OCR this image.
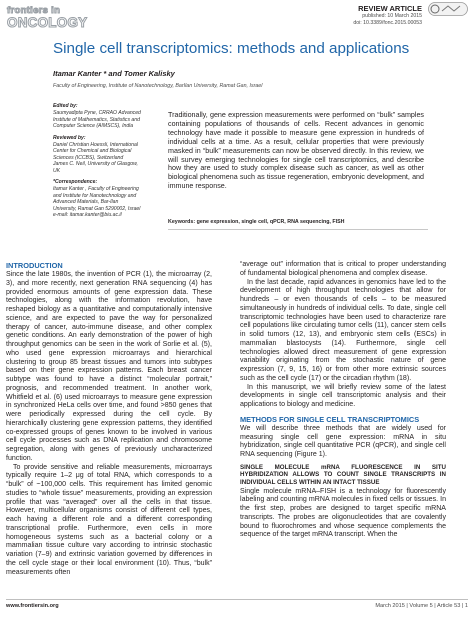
frontiers in
ONCOLOGY
REVIEW ARTICLE
published: 10 March 2015
doi: 10.3389/fonc.2015.00053
Single cell transcriptomics: methods and applications
Itamar Kanter * and Tomer Kalisky
Faculty of Engineering, Institute of Nanotechnology, BarIlan University, Ramat Gan, Israel
Edited by:
Saumyadipta Pyne, CRRAO Advanced Institute of Mathematics, Statistics and Computer Science (AIMSCS), India
Reviewed by:
Daniel Christian Hoessli, International Center for Chemical and Biological Sciences (ICCBS), Switzerland
James C. Neil, University of Glasgow, UK
*Correspondence:
Itamar Kanter , Faculty of Engineering and Institute for Nanotechnology and Advanced Materials, Bar-Ilan University, Ramat Gan 5290002, Israel
e-mail: itamar.kanter@biu.ac.il
Traditionally, gene expression measurements were performed on “bulk” samples containing populations of thousands of cells. Recent advances in genomic technology have made it possible to measure gene expression in hundreds of individual cells at a time. As a result, cellular properties that were previously masked in “bulk” measurements can now be observed directly. In this review, we will survey emerging technologies for single cell transcriptomics, and describe how they are used to study complex disease such as cancer, as well as other biological phenomena such as tissue regeneration, embryonic development, and immune response.
Keywords: gene expression, single cell, qPCR, RNA sequencing, FISH
INTRODUCTION

Since the late 1980s, the invention of PCR (1), the microarray (2, 3), and more recently, next generation RNA sequencing (4) has provided enormous amounts of gene expression data. These technologies, along with the information revolution, have reshaped biology as a quantitative and computationally intensive science, and are expected to pave the way for personalized therapy of cancer, auto-immune disease, and other complex genetic conditions. An early demonstration of the power of high throughput genomics can be seen in the work of Sorlie et al. (5), who used gene expression microarrays and hierarchical clustering to group 85 breast tissues and tumors into subtypes based on their gene expression patterns. Each breast cancer subtype was found to have a distinct “molecular portrait,” prognosis, and recommended treatment. In another work, Whitfield et al. (6) used microarrays to measure gene expression in synchronized HeLa cells over time, and found >850 genes that were periodically expressed during the cell cycle. By hierarchically clustering gene expression patterns, they identified co-expressed groups of genes known to be involved in various cell cycle processes such as DNA replication and chromosome segregation, along with genes of previously uncharacterized function.

To provide sensitive and reliable measurements, microarrays typically require 1–2 μg of total RNA, which corresponds to a “bulk” of ~100,000 cells. This requirement has limited genomic studies to “whole tissue” measurements, providing an expression profile that was “averaged” over all the cells in that tissue. However, multicellular organisms consist of different cell types, each having a different role and a different corresponding transcriptional profile. Furthermore, even cells in more homogeneous systems such as a bacterial colony or a mammalian tissue culture vary according to intrinsic stochastic variation (7–9) and extrinsic variation governed by differences in the cell cycle stage or their local environment (10). Thus, “bulk” measurements often

“average out” information that is critical to proper understanding of fundamental biological phenomena and complex disease.

In the last decade, rapid advances in genomics have led to the development of high throughput technologies that allow for hundreds – or even thousands of cells – to be measured simultaneously in hundreds of individual cells. To date, single cell transcriptomic technologies have been used to characterize rare cell populations like circulating tumor cells (11), cancer stem cells in solid tumors (12, 13), and embryonic stem cells (ESCs) in mammalian blastocysts (14). Furthermore, single cell technologies allowed direct measurement of gene expression variability originating from the stochastic nature of gene expression (7, 9, 15, 16) or from other more extrinsic sources such as the cell cycle (17) or the circadian rhythm (18).

In this manuscript, we will briefly review some of the latest developments in single cell transcriptomic analysis and their applications to biology and medicine.

METHODS FOR SINGLE CELL TRANSCRIPTOMICS

We will describe three methods that are widely used for measuring single cell gene expression: mRNA in situ hybridization, single cell quantitative PCR (qPCR), and single cell RNA sequencing (Figure 1).

SINGLE MOLECULE mRNA FLUORESCENCE IN SITU HYBRIDIZATION ALLOWS TO COUNT SINGLE TRANSCRIPTS IN INDIVIDUAL CELLS WITHIN AN INTACT TISSUE

Single molecule mRNA–FISH is a technology for fluorescently labeling and counting mRNA molecules in fixed cells or tissues. In the first step, probes are designed to target specific mRNA transcripts. The probes are oligonucleotides that are covalently bound to fluorochromes and whose sequence complements the sequence of the target mRNA transcript. When the

www.frontiersin.org	March 2015 | Volume 5 | Article 53 | 1
